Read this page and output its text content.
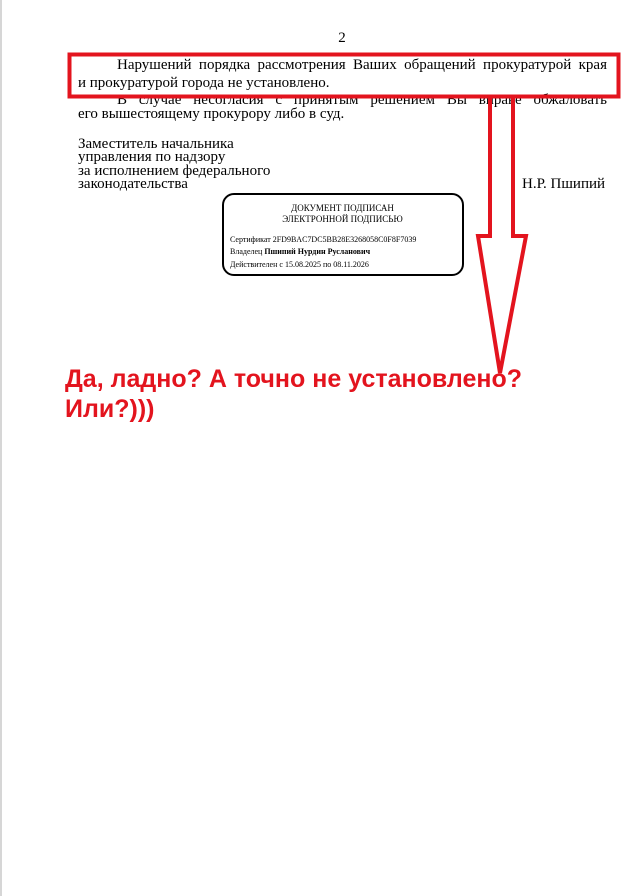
2
Нарушений порядка рассмотрения Ваших обращений прокуратурой края
и прокуратурой города не установлено.
В случае несогласия с принятым решением Вы вправе обжаловать
его вышестоящему прокурору либо в суд.
Заместитель начальника
управления по надзору
за исполнением федерального
законодательства	Н.Р. Пшипий
ДОКУМЕНТ ПОДПИСАН
ЭЛЕКТРОННОЙ ПОДПИСЬЮ
Сертификат 2FD9BAC7DC5BB28E3268058C0F8F7039
Владелец Пшипий Нурдин Русланович
Действителен с 15.08.2025 по 08.11.2026
Да, ладно? А точно не установлено?
Или?)))
